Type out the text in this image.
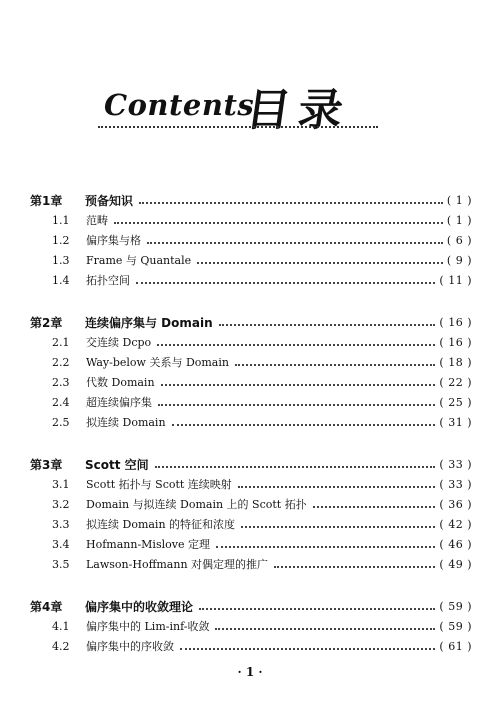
Contents
目录
第1章	预备知识	( 1 )
1.1	范畴	( 1 )
1.2	偏序集与格	( 6 )
1.3	Frame 与 Quantale	( 9 )
1.4	拓扑空间	( 11 )
第2章	连续偏序集与 Domain	( 16 )
2.1	交连续 Dcpo	( 16 )
2.2	Way-below 关系与 Domain	( 18 )
2.3	代数 Domain	( 22 )
2.4	超连续偏序集	( 25 )
2.5	拟连续 Domain	( 31 )
第3章	Scott 空间	( 33 )
3.1	Scott 拓扑与 Scott 连续映射	( 33 )
3.2	Domain 与拟连续 Domain 上的 Scott 拓扑	( 36 )
3.3	拟连续 Domain 的特征和浓度	( 42 )
3.4	Hofmann-Mislove 定理	( 46 )
3.5	Lawson-Hoffmann 对偶定理的推广	( 49 )
第4章	偏序集中的收敛理论	( 59 )
4.1	偏序集中的 Lim-inf-收敛	( 59 )
4.2	偏序集中的序收敛	( 61 )
· 1 ·
